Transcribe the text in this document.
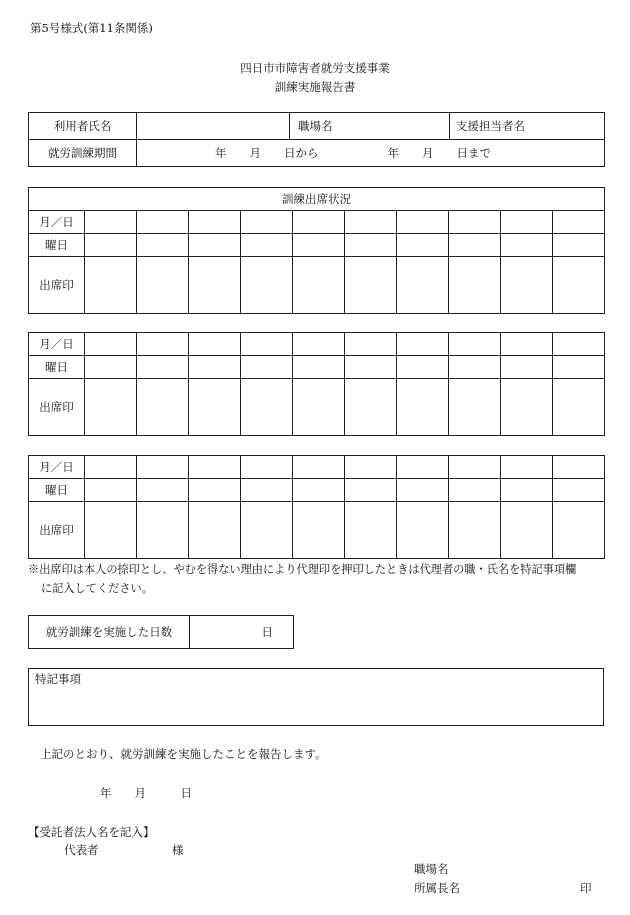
第5号様式(第11条関係)
四日市市障害者就労支援事業
訓練実施報告書
利用者氏名		職場名	支援担当者名
就労訓練期間	年　　月　　日から　　　　　　年　　月　　日まで		
訓練出席状況										
月／日										
曜日										
出席印										
月／日										
曜日										
出席印										
月／日										
曜日										
出席印										
※出席印は本人の捺印とし、やむを得ない理由により代理印を押印したときは代理者の職・氏名を特記事項欄
に記入してください。
就労訓練を実施した日数	日
特記事項
上記のとおり、就労訓練を実施したことを報告します。
年　　月　　　日
【受託者法人名を記入】
代表者	様
職場名
所属長名	印
